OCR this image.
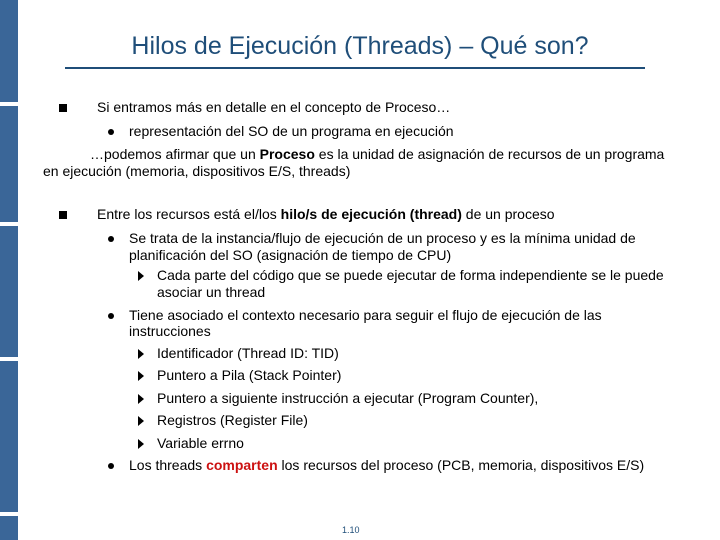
Hilos de Ejecución (Threads) – Qué son?
Si entramos más en detalle en el concepto de Proceso…
representación del SO de un programa en ejecución
…podemos afirmar que un Proceso es la unidad de asignación de recursos de un programa
en ejecución (memoria, dispositivos E/S, threads)
Entre los recursos está el/los hilo/s de ejecución (thread) de un proceso
Se trata de la instancia/flujo de ejecución de un proceso y es la mínima unidad de
planificación del SO (asignación de tiempo de CPU)
Cada parte del código que se puede ejecutar de forma independiente se le puede
asociar un thread
Tiene asociado el contexto necesario para seguir el flujo de ejecución de las
instrucciones
Identificador (Thread ID: TID)
Puntero a Pila (Stack Pointer)
Puntero a siguiente instrucción a ejecutar (Program Counter),
Registros (Register File)
Variable errno
Los threads comparten los recursos del proceso (PCB, memoria, dispositivos E/S)
1.10
